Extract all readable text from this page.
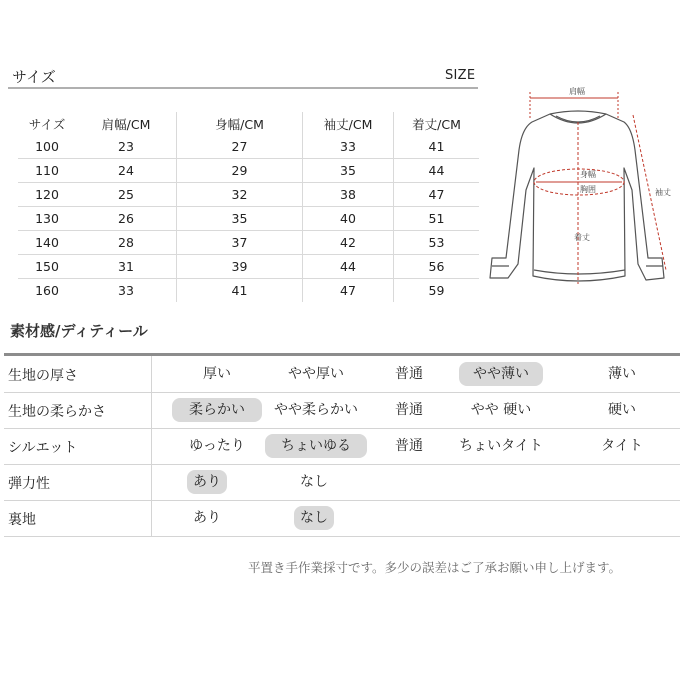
サイズ	SIZE
サイズ	肩幅/CM	身幅/CM	袖丈/CM	着丈/CM
100	23	27	33	41
110	24	29	35	44
120	25	32	38	47
130	26	35	40	51
140	28	37	42	53
150	31	39	44	56
160	33	41	47	59
肩幅
身幅
胸囲
着丈
袖丈
素材感/ディティール
生地の厚さ	厚い	やや厚い	普通	やや薄い	薄い
生地の柔らかさ	柔らかい	やや柔らかい	普通	やや 硬い	硬い
シルエット	ゆったり	ちょいゆる	普通	ちょいタイト	タイト
弾力性	あり	なし
裏地	あり	なし
平置き手作業採寸です。多少の誤差はご了承お願い申し上げます。
